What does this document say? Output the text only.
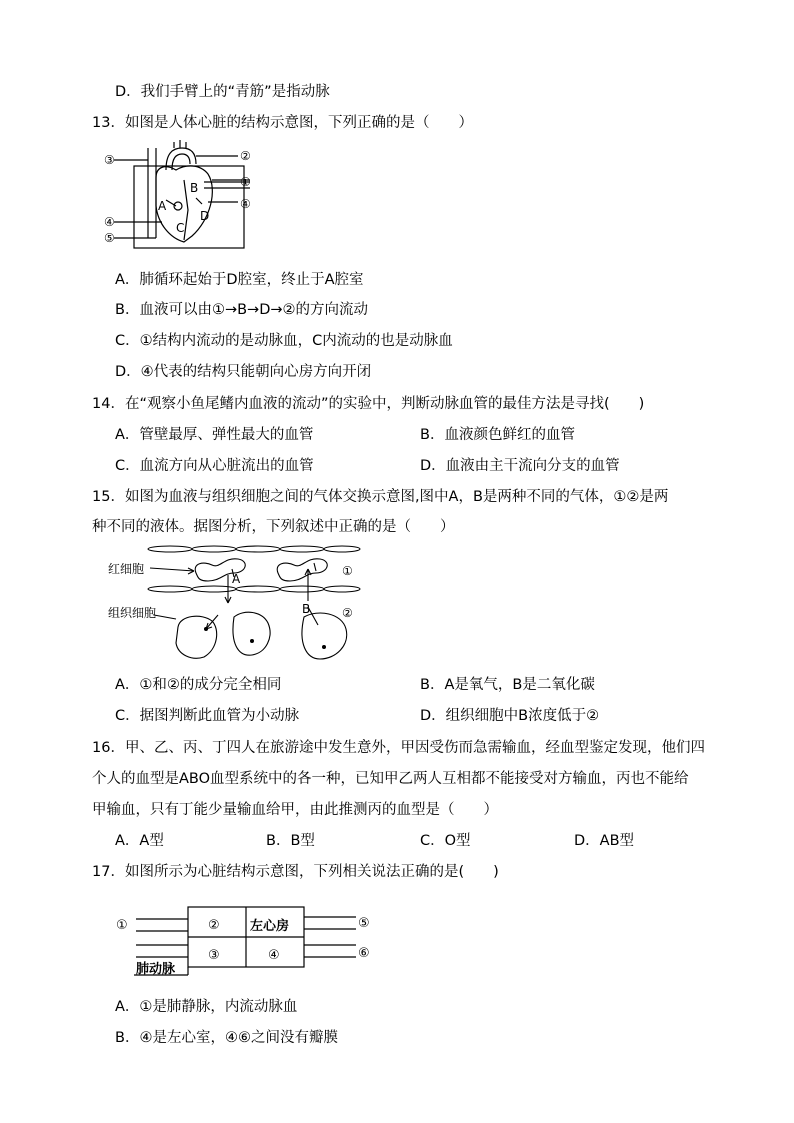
D．我们手臂上的“青筋”是指动脉
13．如图是人体心脏的结构示意图，下列正确的是（　　）
③	②
①
④
④
⑤
A
B
C
D
A．肺循环起始于D腔室，终止于A腔室
B．血液可以由①→B→D→②的方向流动
C．①结构内流动的是动脉血，C内流动的也是动脉血
D．④代表的结构只能朝向心房方向开闭
14．在“观察小鱼尾鳍内血液的流动”的实验中，判断动脉血管的最佳方法是寻找(　　)
A．管壁最厚、弹性最大的血管	B．血液颜色鲜红的血管
C．血流方向从心脏流出的血管	D．血液由主干流向分支的血管
15．如图为血液与组织细胞之间的气体交换示意图,图中A，B是两种不同的气体，①②是两
种不同的液体。据图分析，下列叙述中正确的是（　　）
红细胞
组织细胞
A
B
①
②
A．①和②的成分完全相同	B．A是氧气，B是二氧化碳
C．据图判断此血管为小动脉	D．组织细胞中B浓度低于②
16．甲、乙、丙、丁四人在旅游途中发生意外，甲因受伤而急需输血，经血型鉴定发现，他们四
个人的血型是ABO血型系统中的各一种，已知甲乙两人互相都不能接受对方输血，丙也不能给
甲输血，只有丁能少量输血给甲，由此推测丙的血型是（　　）
A．A型	B．B型	C．O型	D．AB型
17．如图所示为心脏结构示意图，下列相关说法正确的是(　　)
①	②
③	④
⑤
⑥
左心房
肺动脉
A．①是肺静脉，内流动脉血
B．④是左心室，④⑥之间没有瓣膜
